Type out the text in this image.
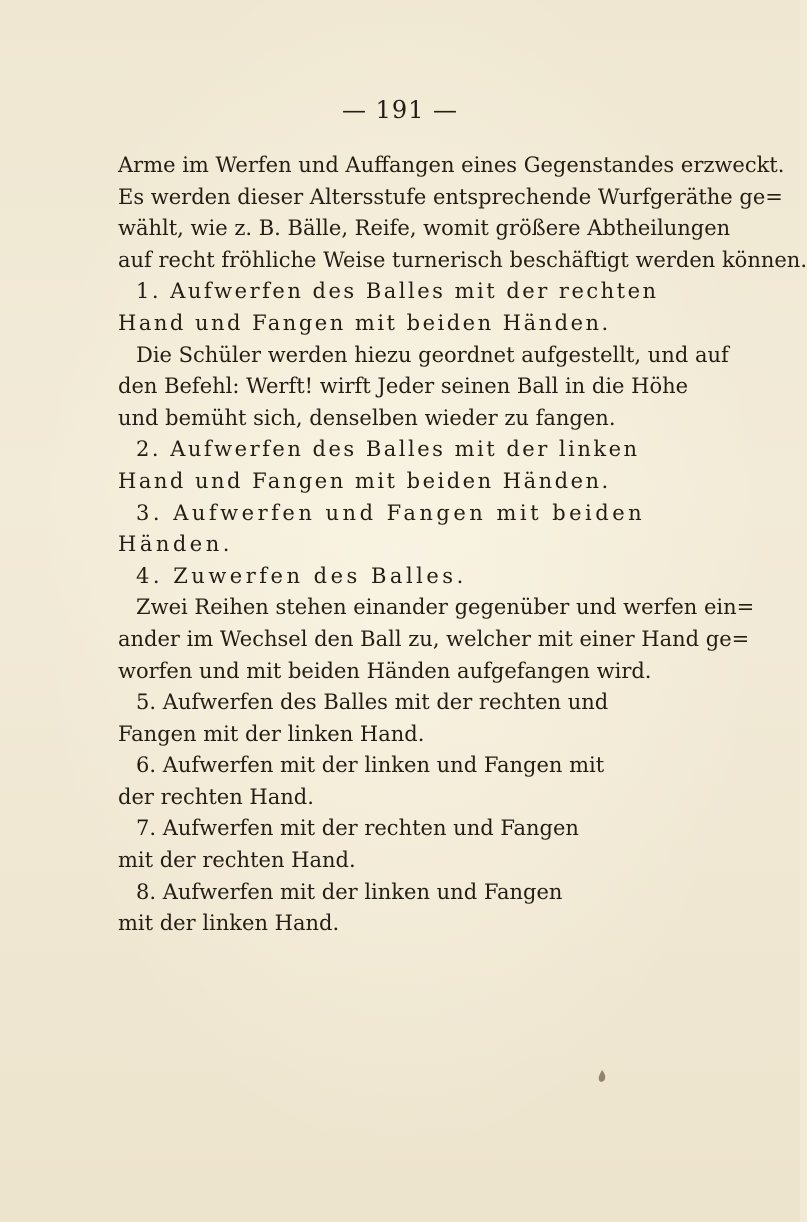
— 191 —
Arme im Werfen und Auffangen eines Gegenstandes erzweckt.
Es werden dieser Altersstufe entsprechende Wurfgeräthe ge=
wählt, wie z. B. Bälle, Reife, womit größere Abtheilungen
auf recht fröhliche Weise turnerisch beschäftigt werden können.
1. Aufwerfen des Balles mit der rechten
Hand und Fangen mit beiden Händen.
Die Schüler werden hiezu geordnet aufgestellt, und auf
den Befehl: Werft! wirft Jeder seinen Ball in die Höhe
und bemüht sich, denselben wieder zu fangen.
2. Aufwerfen des Balles mit der linken
Hand und Fangen mit beiden Händen.
3. Aufwerfen und Fangen mit beiden
Händen.
4. Zuwerfen des Balles.
Zwei Reihen stehen einander gegenüber und werfen ein=
ander im Wechsel den Ball zu, welcher mit einer Hand ge=
worfen und mit beiden Händen aufgefangen wird.
5. Aufwerfen des Balles mit der rechten und
Fangen mit der linken Hand.
6. Aufwerfen mit der linken und Fangen mit
der rechten Hand.
7. Aufwerfen mit der rechten und Fangen
mit der rechten Hand.
8. Aufwerfen mit der linken und Fangen
mit der linken Hand.
